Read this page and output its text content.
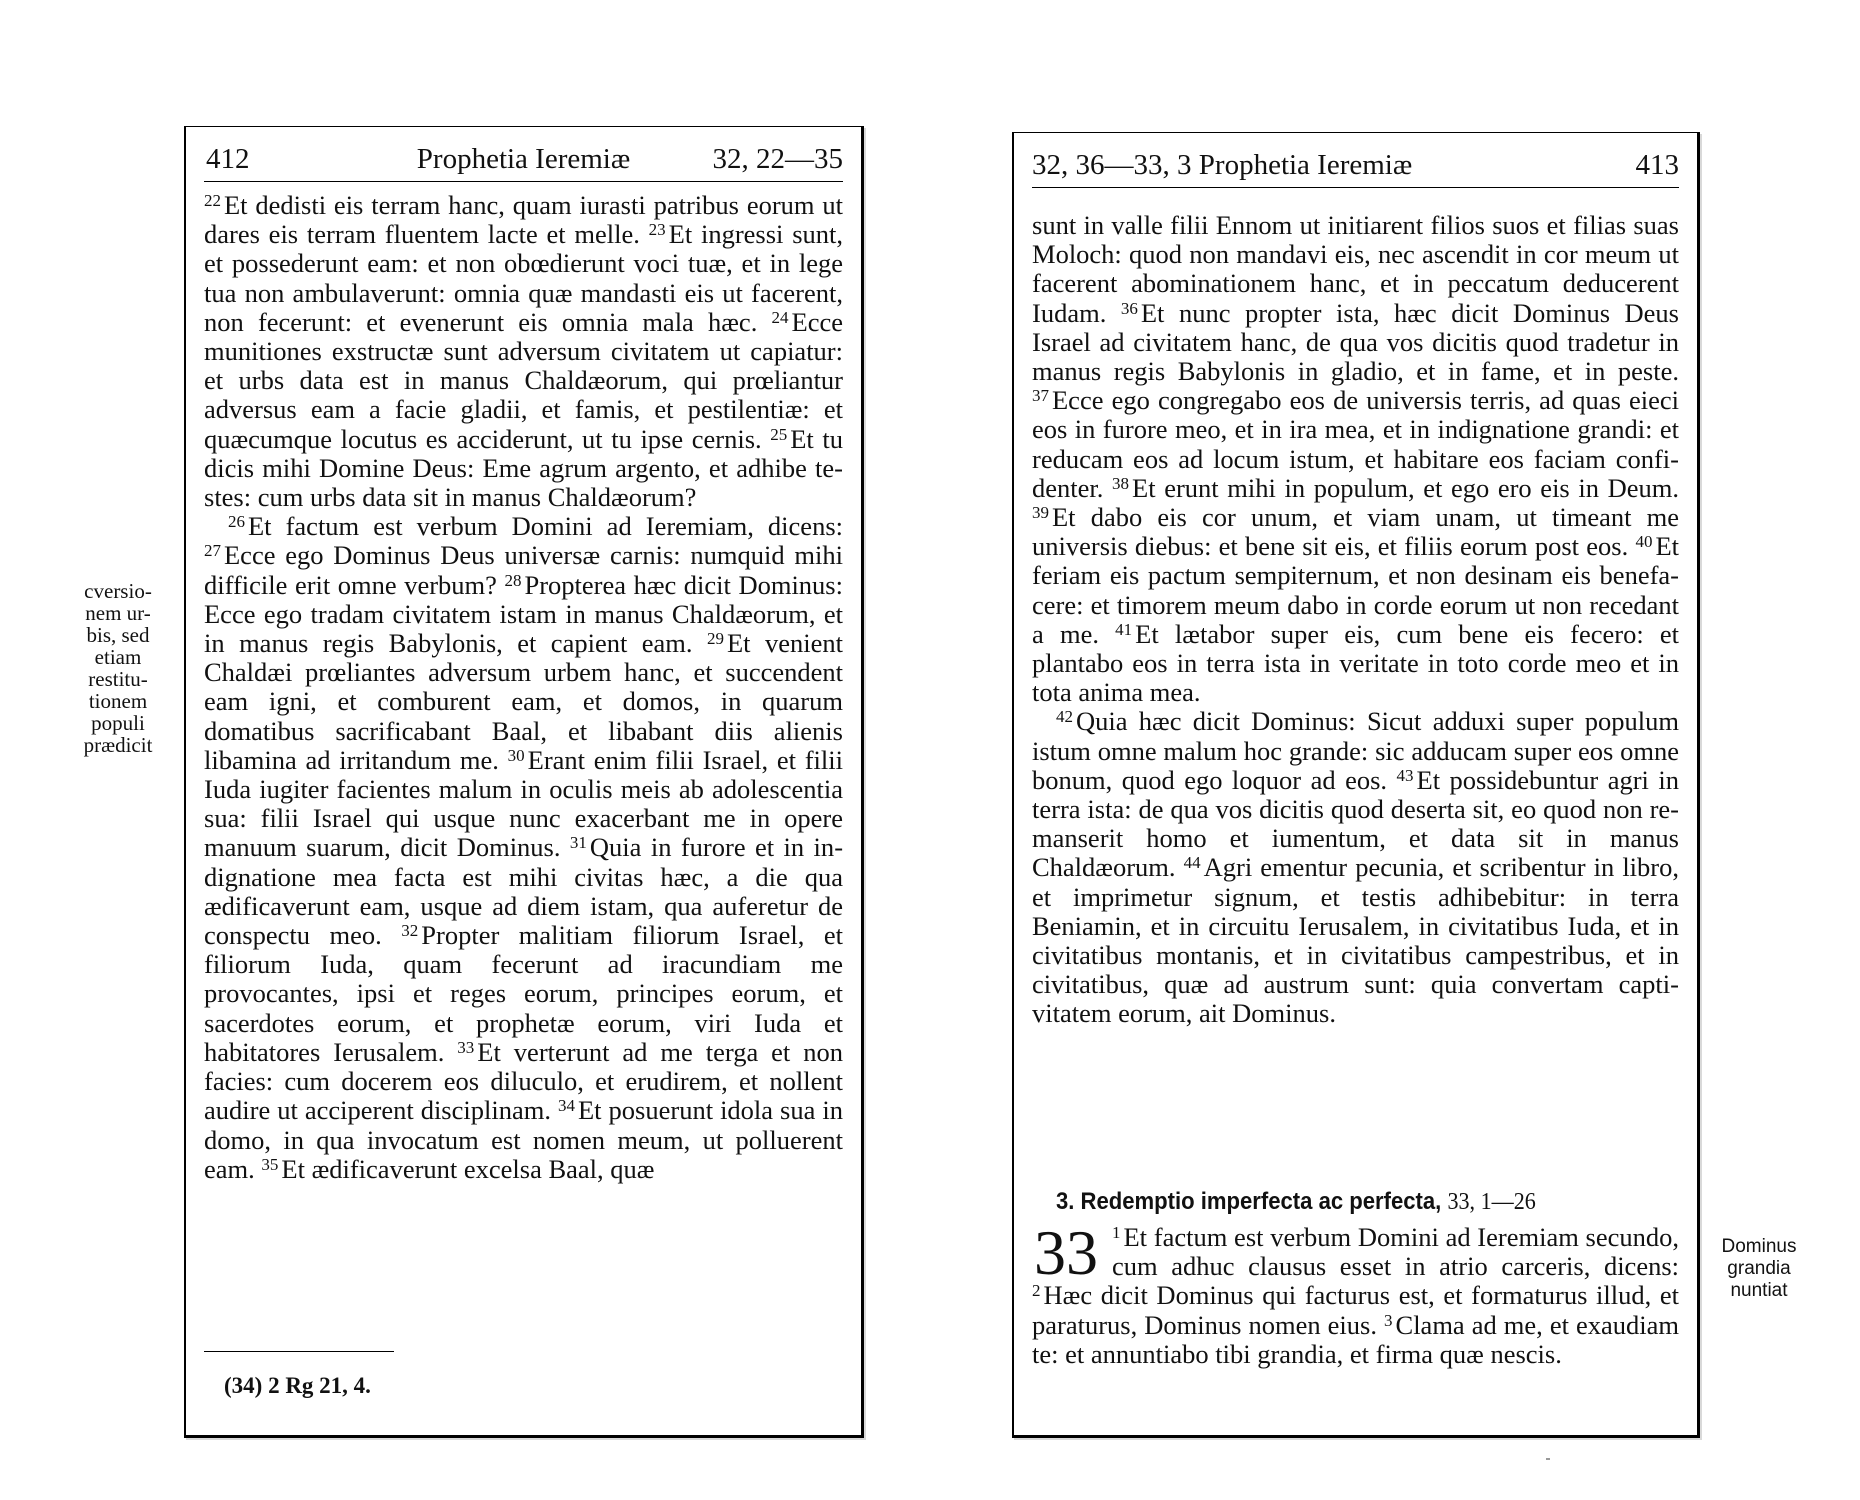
412	Prophetia Ieremiæ	32, 22—35

$^{22}$ Et dedisti eis terram hanc, quam iurasti patribus eorum ut dares eis terram fluentem lacte et melle. $^{23}$ Et ingressi sunt, et possederunt eam: et non obœdierunt voci tuæ, et in lege tua non ambulaverunt: omnia quæ mandasti eis ut facerent, non fecerunt: et evenerunt eis omnia mala hæc. $^{24}$ Ecce munitiones exstructæ sunt adversum civitatem ut capiatur: et urbs data est in manus Chaldæorum, qui prœliantur adversus eam a facie gladii, et famis, et pestilentiæ: et quæcumque locutus es acciderunt, ut tu ipse cernis. $^{25}$ Et tu dicis mihi Domine Deus: Eme agrum argento, et adhibe testes: cum urbs data sit in manus Chaldæorum?

$^{26}$ Et factum est verbum Domini ad Ieremiam, dicens: $^{27}$ Ecce ego Dominus Deus universæ carnis: numquid mihi difficile erit omne verbum? $^{28}$ Propterea hæc dicit Dominus: Ecce ego tradam civitatem istam in manus Chaldæorum, et in manus regis Babylonis, et capient eam. $^{29}$ Et venient Chaldæi prœliantes adversum urbem hanc, et succendent eam igni, et comburent eam, et domos, in quarum domatibus sacrificabant Baal, et libabant diis alienis libamina ad irritandum me. $^{30}$ Erant enim filii Israel, et filii Iuda iugiter facientes malum in oculis meis ab adolescentia sua: filii Israel qui usque nunc exacerbant me in opere manuum suarum, dicit Dominus. $^{31}$ Quia in furore et in indignatione mea facta est mihi civitas hæc, a die qua ædificaverunt eam, usque ad diem istam, qua auferetur de conspectu meo. $^{32}$ Propter malitiam filiorum Israel, et filiorum Iuda, quam fecerunt ad iracundiam me provocantes, ipsi et reges eorum, principes eorum, et sacerdotes eorum, et prophetæ eorum, viri Iuda et habitatores Ierusalem. $^{33}$ Et verterunt ad me terga et non facies: cum docerem eos diluculo, et erudirem, et nollent audire ut acciperent disciplinam. $^{34}$ Et posuerunt idola sua in domo, in qua invocatum est nomen meum, ut polluerent eam. $^{35}$ Et ædificaverunt excelsa Baal, quæ

(34) 2 Rg 21, 4.
cversio-
nem ur-
bis, sed
etiam
restitu-
tionem
populi
prædicit
32, 36—33, 3 Prophetia Ieremiæ	413

sunt in valle filii Ennom ut initiarent filios suos et filias suas Moloch: quod non mandavi eis, nec ascendit in cor meum ut facerent abominationem hanc, et in peccatum deducerent Iudam. $^{36}$ Et nunc propter ista, hæc dicit Dominus Deus Israel ad civitatem hanc, de qua vos dicitis quod tradetur in manus regis Babylonis in gladio, et in fame, et in peste. $^{37}$ Ecce ego congregabo eos de universis terris, ad quas eieci eos in furore meo, et in ira mea, et in indignatione grandi: et reducam eos ad locum istum, et habitare eos faciam confidenter. $^{38}$ Et erunt mihi in populum, et ego ero eis in Deum. $^{39}$ Et dabo eis cor unum, et viam unam, ut timeant me universis diebus: et bene sit eis, et filiis eorum post eos. $^{40}$ Et feriam eis pactum sempiternum, et non desinam eis benefacere: et timorem meum dabo in corde eorum ut non recedant a me. $^{41}$ Et lætabor super eis, cum bene eis fecero: et plantabo eos in terra ista in veritate in toto corde meo et in tota anima mea.

$^{42}$ Quia hæc dicit Dominus: Sicut adduxi super populum istum omne malum hoc grande: sic adducam super eos omne bonum, quod ego loquor ad eos. $^{43}$ Et possidebuntur agri in terra ista: de qua vos dicitis quod deserta sit, eo quod non remanserit homo et iumentum, et data sit in manus Chaldæorum. $^{44}$ Agri ementur pecunia, et scribentur in libro, et imprimetur signum, et testis adhibebitur: in terra Beniamin, et in circuitu Ierusalem, in civitatibus Iuda, et in civitatibus montanis, et in civitatibus campestribus, et in civitatibus, quæ ad austrum sunt: quia convertam captivitatem eorum, ait Dominus.

3. Redemptio imperfecta ac perfecta, 33, 1—26
33 $^1$ Et factum est verbum Domini ad Ieremiam secundo, cum adhuc clausus esset in atrio carceris, dicens: $^2$ Hæc dicit Dominus qui facturus est, et formaturus illud, et paraturus, Dominus nomen eius. $^3$ Clama ad me, et exaudiam te: et annuntiabo tibi grandia, et firma quæ nescis.
Dominus
grandia
nuntiat
